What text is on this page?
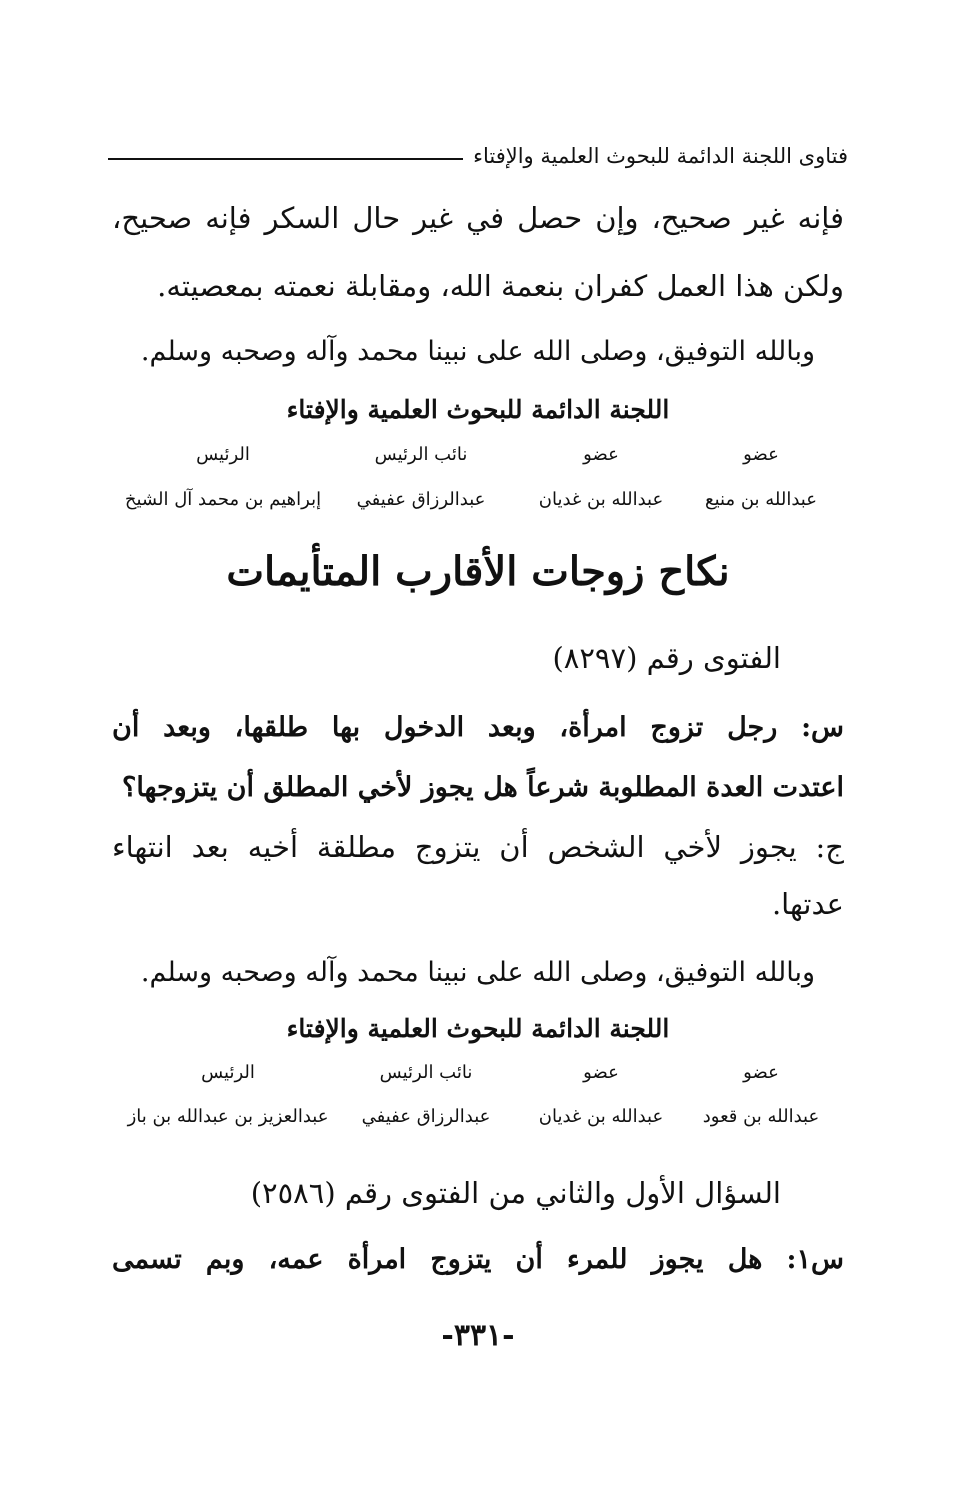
فتاوى اللجنة الدائمة للبحوث العلمية والإفتاء
فإنه غير صحيح، وإن حصل في غير حال السكر فإنه صحيح،
ولكن هذا العمل كفران بنعمة الله، ومقابلة نعمته بمعصيته.
وبالله التوفيق، وصلى الله على نبينا محمد وآله وصحبه وسلم.
اللجنة الدائمة للبحوث العلمية والإفتاء
عضو
عضو
نائب الرئيس
الرئيس
عبدالله بن منيع
عبدالله بن غديان
عبدالرزاق عفيفي
إبراهيم بن محمد آل الشيخ
نكاح زوجات الأقارب المتأيمات
الفتوى رقم (٨٢٩٧)
س: رجل تزوج امرأة، وبعد الدخول بها طلقها، وبعد أن
اعتدت العدة المطلوبة شرعاً هل يجوز لأخي المطلق أن يتزوجها؟
ج: يجوز لأخي الشخص أن يتزوج مطلقة أخيه بعد انتهاء
عدتها.
وبالله التوفيق، وصلى الله على نبينا محمد وآله وصحبه وسلم.
اللجنة الدائمة للبحوث العلمية والإفتاء
عضو
عضو
نائب الرئيس
الرئيس
عبدالله بن قعود
عبدالله بن غديان
عبدالرزاق عفيفي
عبدالعزيز بن عبدالله بن باز
السؤال الأول والثاني من الفتوى رقم (٢٥٨٦)
س١: هل يجوز للمرء أن يتزوج امرأة عمه، وبم تسمى
-٣٣١-
